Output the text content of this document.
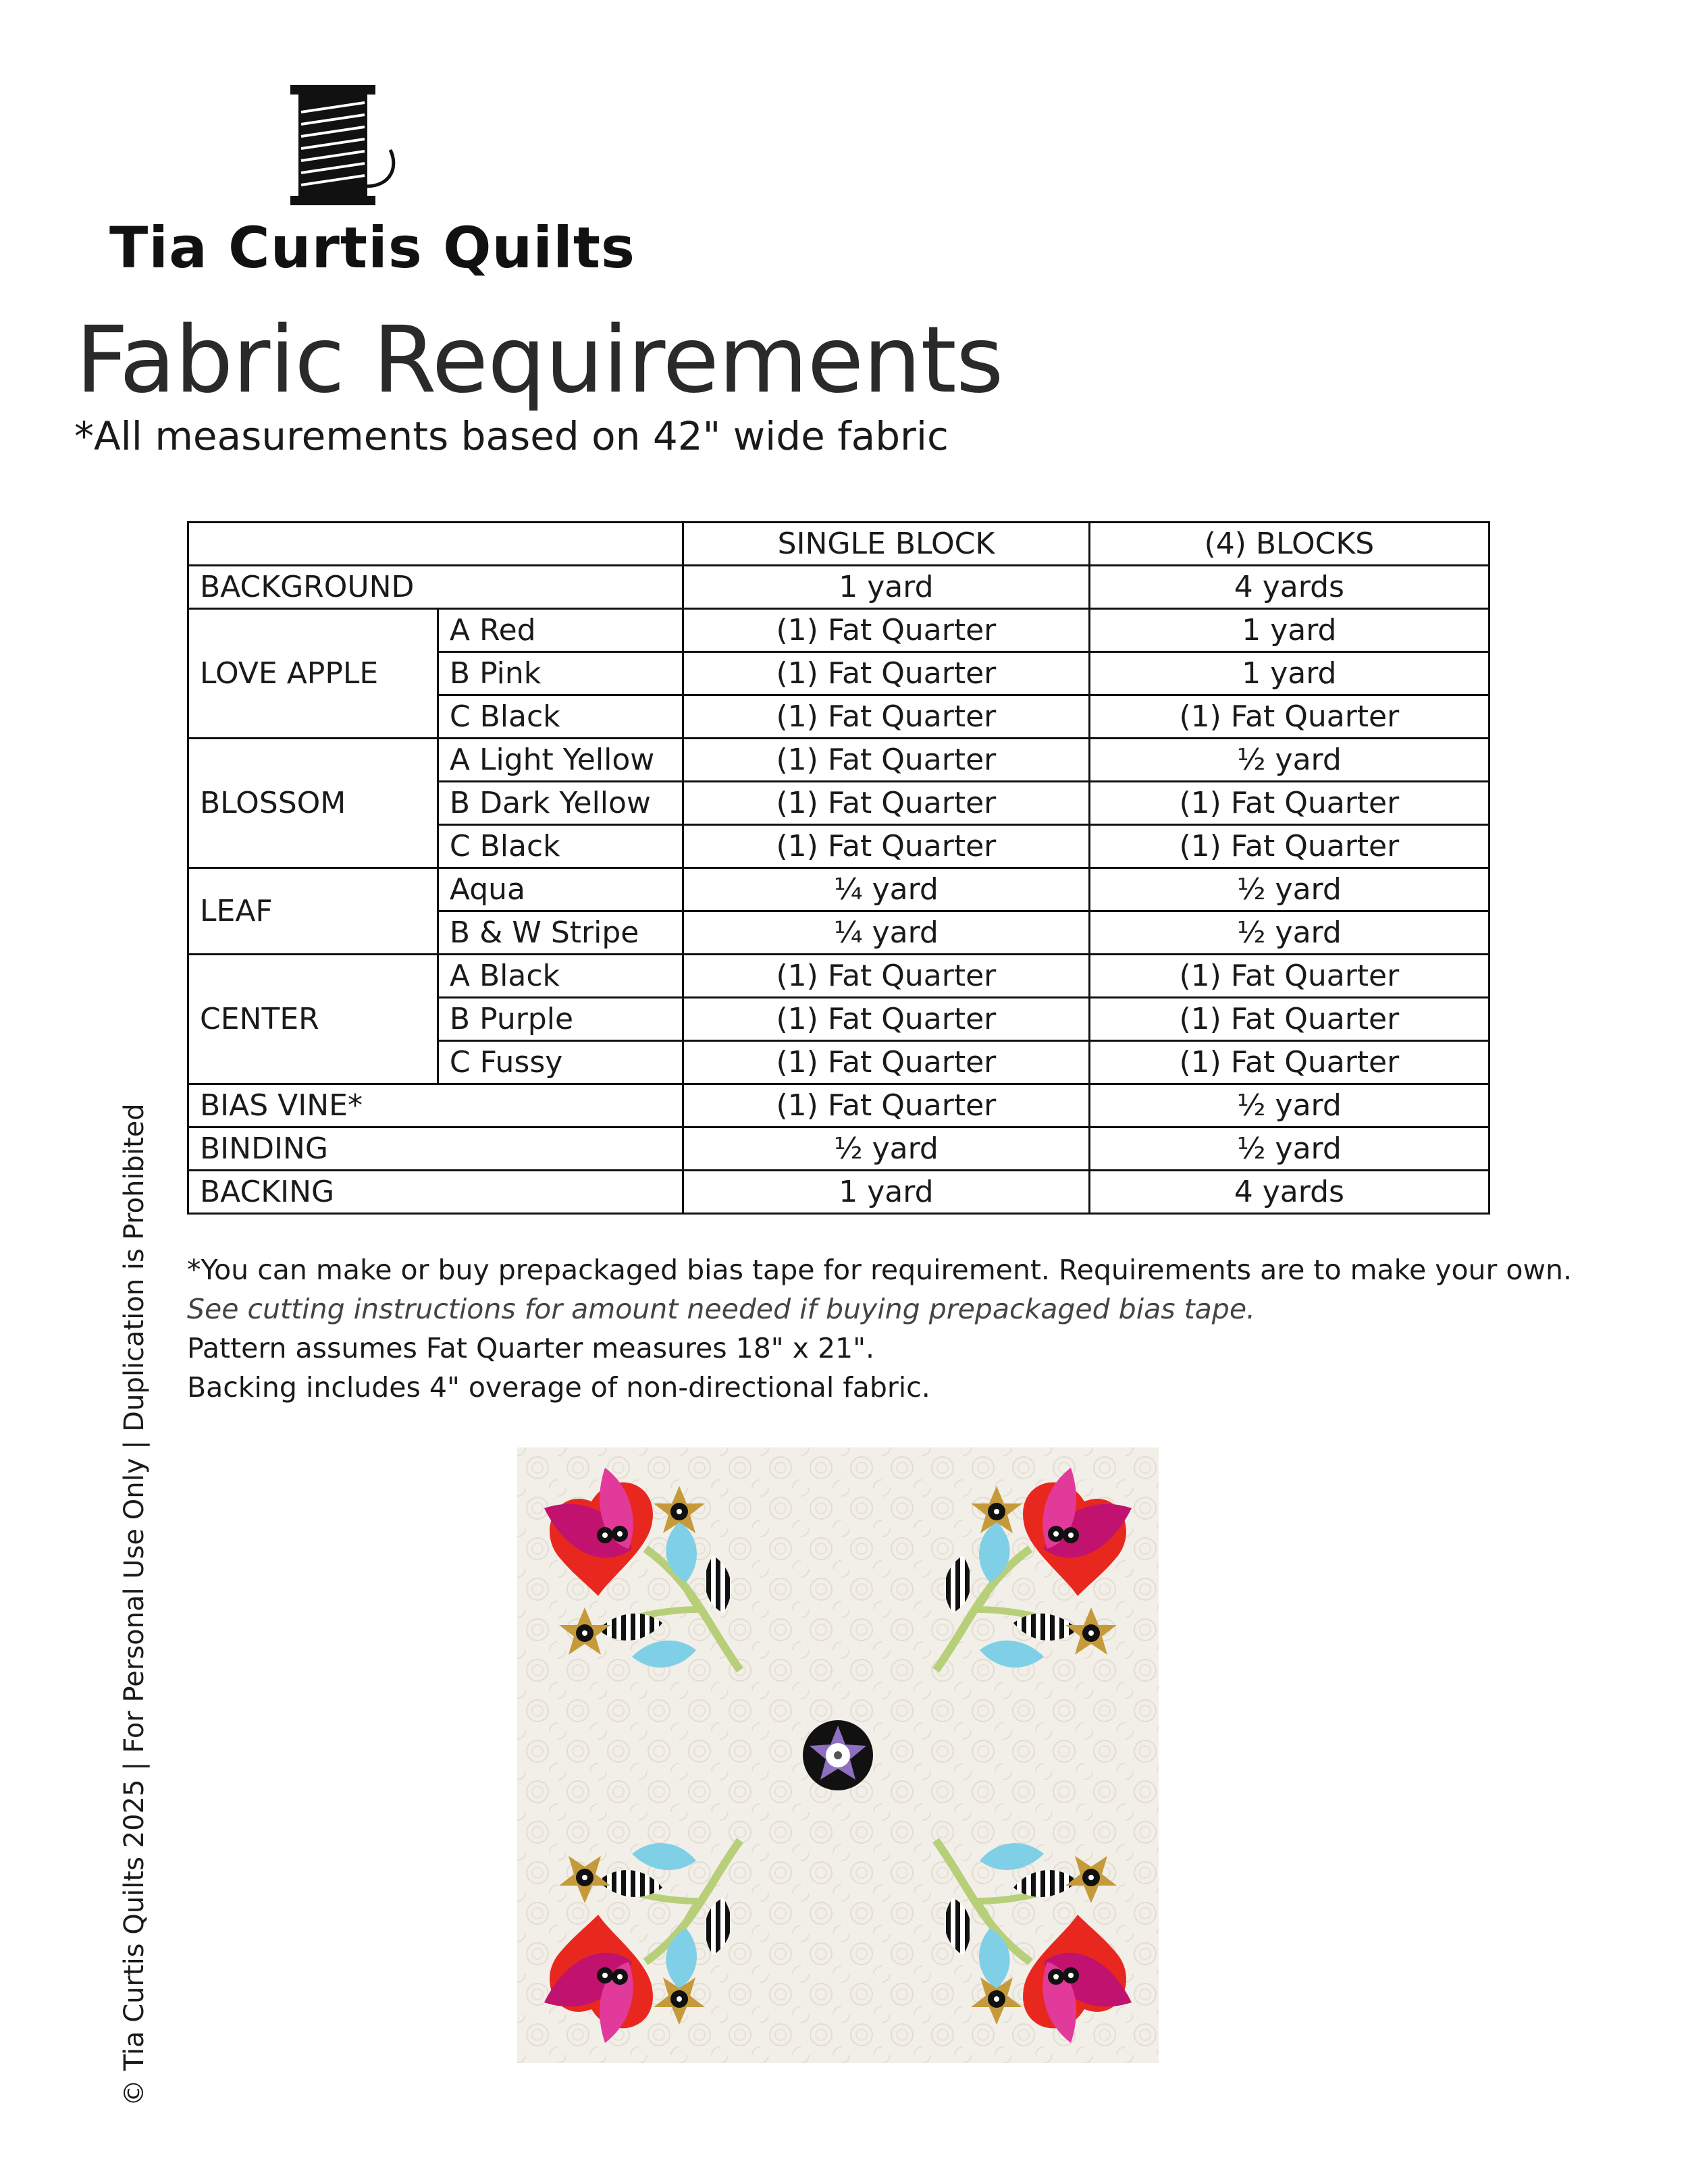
Tia Curtis Quilts
Fabric Requirements
*All measurements based on 42" wide fabric
		SINGLE BLOCK	(4) BLOCKS
BACKGROUND		1 yard	4 yards
LOVE APPLE	A Red	(1) Fat Quarter	1 yard
	B Pink	(1) Fat Quarter	1 yard
	C Black	(1) Fat Quarter	(1) Fat Quarter
BLOSSOM	A Light Yellow	(1) Fat Quarter	½ yard
	B Dark Yellow	(1) Fat Quarter	(1) Fat Quarter
	C Black	(1) Fat Quarter	(1) Fat Quarter
LEAF	Aqua	¼ yard	½ yard
	B & W Stripe	¼ yard	½ yard
CENTER	A Black	(1) Fat Quarter	(1) Fat Quarter
	B Purple	(1) Fat Quarter	(1) Fat Quarter
	C Fussy	(1) Fat Quarter	(1) Fat Quarter
BIAS VINE*		(1) Fat Quarter	½ yard
BINDING		½ yard	½ yard
BACKING		1 yard	4 yards
*You can make or buy prepackaged bias tape for requirement. Requirements are to make your own.
See cutting instructions for amount needed if buying prepackaged bias tape.
Pattern assumes Fat Quarter measures 18" x 21".
Backing includes 4" overage of non-directional fabric.
© Tia Curtis Quilts 2025 | For Personal Use Only | Duplication is Prohibited
